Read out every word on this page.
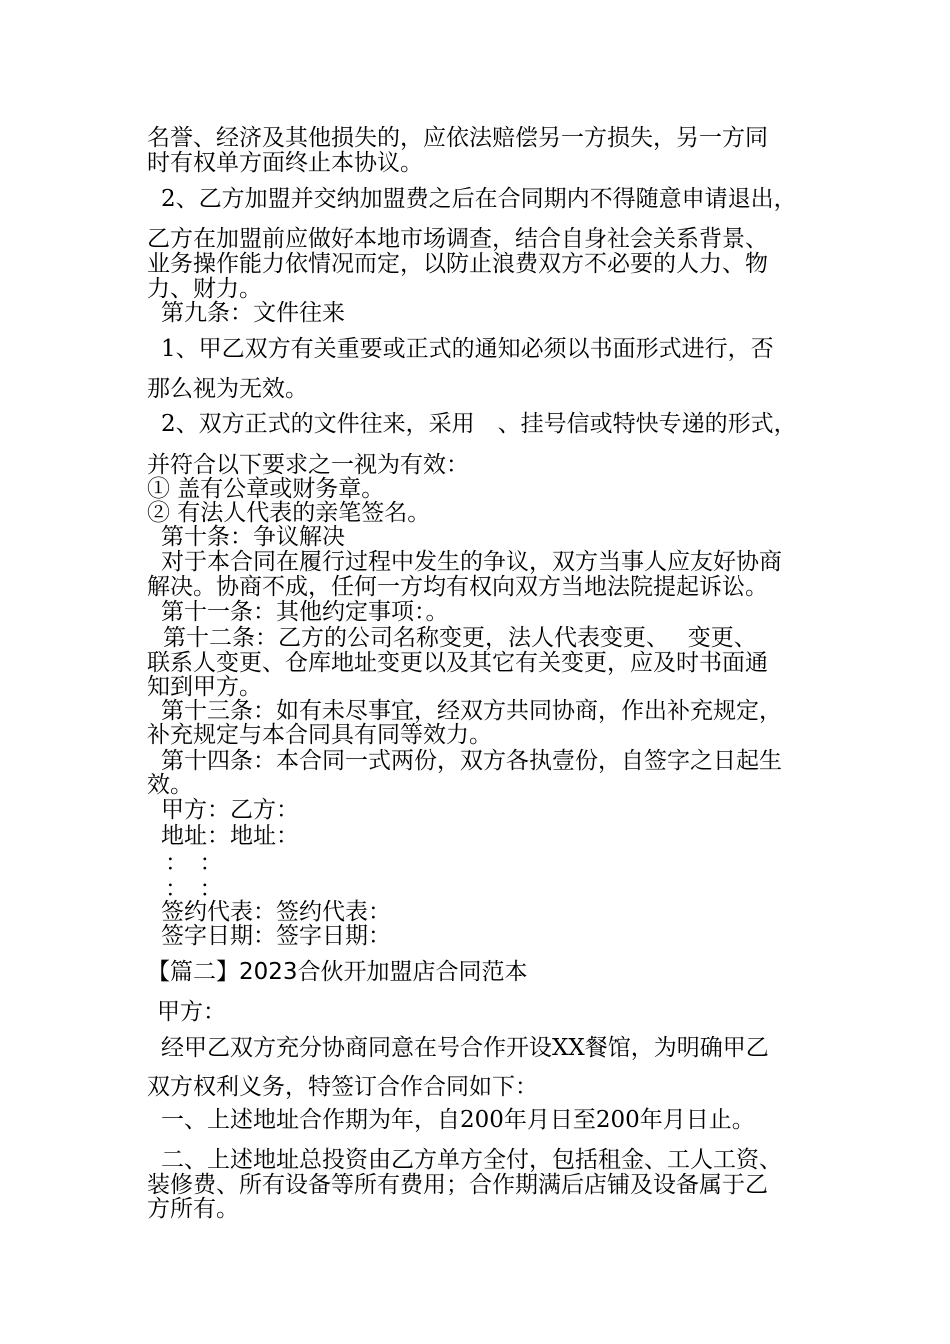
名誉、经济及其他损失的，应依法赔偿另一方损失，另一方同

时有权单方面终止本协议。

2、乙方加盟并交纳加盟费之后在合同期内不得随意申请退出，

乙方在加盟前应做好本地市场调查，结合自身社会关系背景、

业务操作能力依情况而定，以防止浪费双方不必要的人力、物

力、财力。

第九条：文件往来

1、甲乙双方有关重要或正式的通知必须以书面形式进行，否

那么视为无效。

2、双方正式的文件往来，采用　、挂号信或特快专递的形式，

并符合以下要求之一视为有效：

① 盖有公章或财务章。

② 有法人代表的亲笔签名。

第十条：争议解决

对于本合同在履行过程中发生的争议，双方当事人应友好协商

解决。协商不成，任何一方均有权向双方当地法院提起诉讼。

第十一条：其他约定事项：。

第十二条：乙方的公司名称变更，法人代表变更、　 变更、

联系人变更、仓库地址变更以及其它有关变更，应及时书面通

知到甲方。

第十三条：如有未尽事宜，经双方共同协商，作出补充规定，

补充规定与本合同具有同等效力。

第十四条：本合同一式两份，双方各执壹份，自签字之日起生

效。

甲方：乙方：

地址：地址：

：　：

：　：

签约代表：签约代表：

签字日期：签字日期：

【篇二】2023合伙开加盟店合同范本

甲方：

经甲乙双方充分协商同意在号合作开设XX餐馆，为明确甲乙

双方权利义务，特签订合作合同如下：

一、上述地址合作期为年，自200年月日至200年月日止。

二、上述地址总投资由乙方单方全付，包括租金、工人工资、

装修费、所有设备等所有费用；合作期满后店铺及设备属于乙

方所有。
